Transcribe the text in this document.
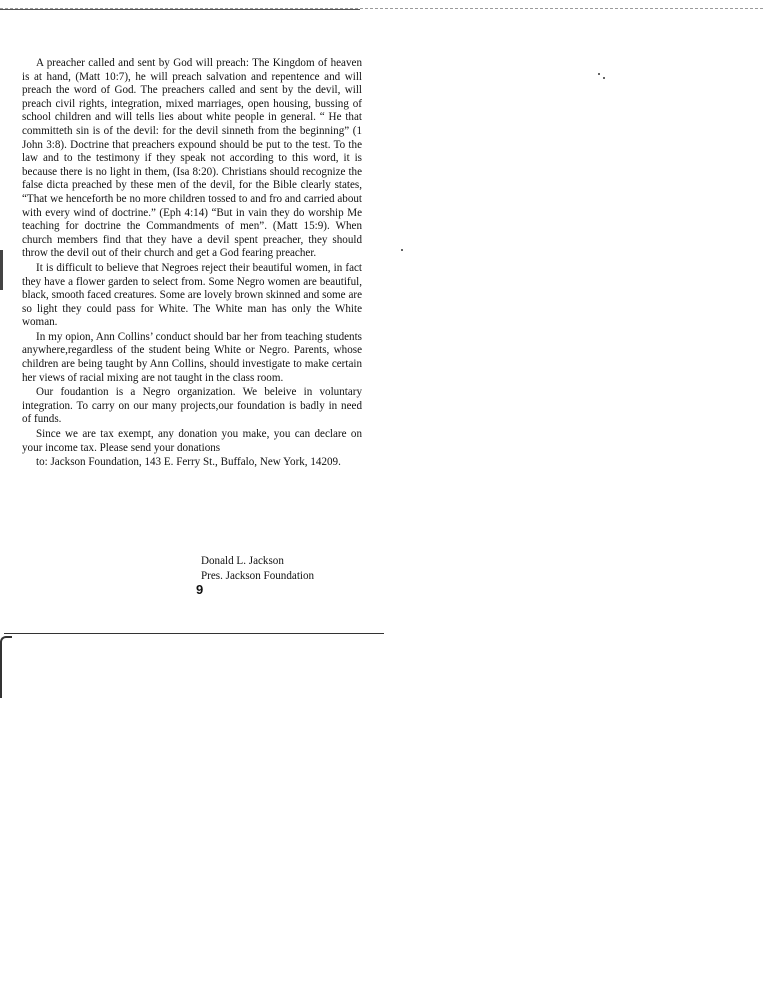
A preacher called and sent by God will preach: The Kingdom of heaven is at hand, (Matt 10:7), he will preach salvation and repentence and will preach the word of God. The preachers called and sent by the devil, will preach civil rights, integration, mixed marriages, open housing, bussing of school children and will tells lies about white people in general. “ He that committeth sin is of the devil: for the devil sinneth from the beginning” (1 John 3:8). Doctrine that preachers expound should be put to the test. To the law and to the testimony if they speak not according to this word, it is because there is no light in them, (Isa 8:20). Christians should recognize the false dicta preached by these men of the devil, for the Bible clearly states, “That we henceforth be no more children tossed to and fro and carried about with every wind of doctrine.” (Eph 4:14) “But in vain they do worship Me teaching for doctrine the Commandments of men”. (Matt 15:9). When church members find that they have a devil spent preacher, they should throw the devil out of their church and get a God fearing preacher.

It is difficult to believe that Negroes reject their beautiful women, in fact they have a flower garden to select from. Some Negro women are beautiful, black, smooth faced creatures. Some are lovely brown skinned and some are so light they could pass for White. The White man has only the White woman.

In my opion, Ann Collins’ conduct should bar her from teaching students anywhere,regardless of the student being White or Negro. Parents, whose children are being taught by Ann Collins, should investigate to make certain her views of racial mixing are not taught in the class room.

Our foudantion is a Negro organization. We beleive in voluntary integration. To carry on our many projects,our foundation is badly in need of funds.

Since we are tax exempt, any donation you make, you can declare on your income tax. Please send your donations

to: Jackson Foundation, 143 E. Ferry St., Buffalo, New York, 14209.

Donald L. Jackson
Pres. Jackson Foundation
9
